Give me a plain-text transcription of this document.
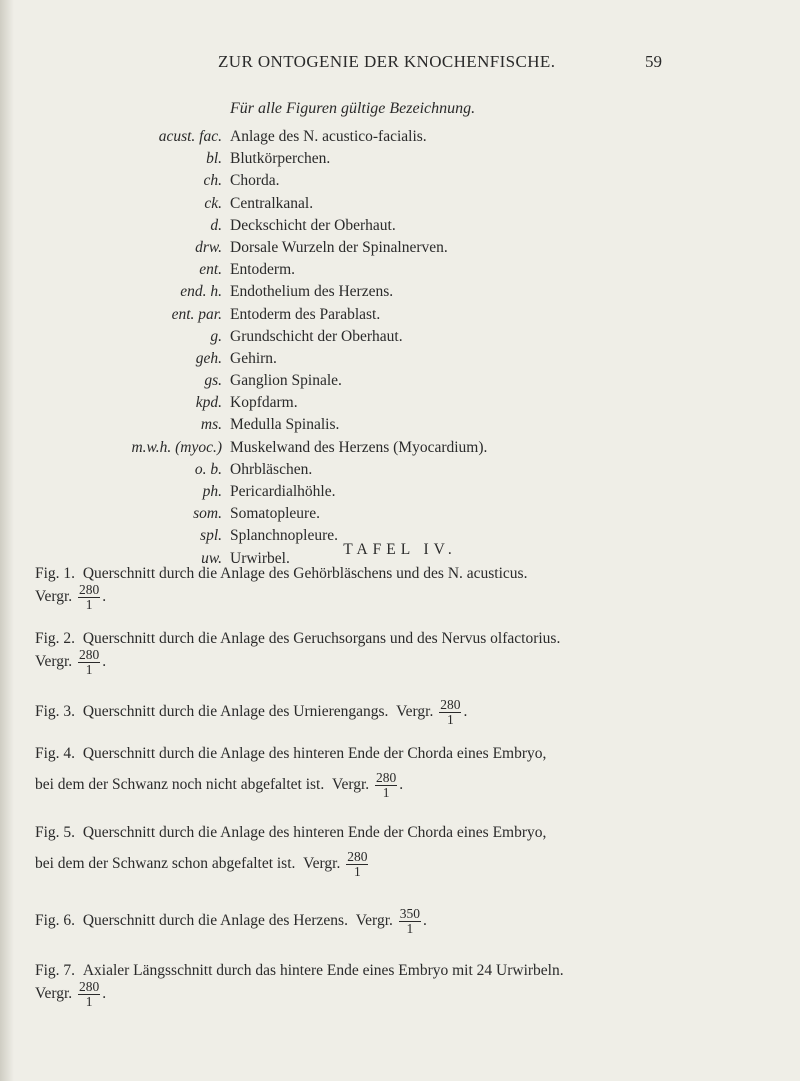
ZUR ONTOGENIE DER KNOCHENFISCHE.	59
Für alle Figuren gültige Bezeichnung.
acust. fac. Anlage des N. acustico-facialis.
bl. Blutkörperchen.
ch. Chorda.
ck. Centralkanal.
d. Deckschicht der Oberhaut.
drw. Dorsale Wurzeln der Spinalnerven.
ent. Entoderm.
end. h. Endothelium des Herzens.
ent. par. Entoderm des Parablast.
g. Grundschicht der Oberhaut.
geh. Gehirn.
gs. Ganglion Spinale.
kpd. Kopfdarm.
ms. Medulla Spinalis.
m.w.h. (myoc.) Muskelwand des Herzens (Myocardium).
o. b. Ohrbläschen.
ph. Pericardialhöhle.
som. Somatopleure.
spl. Splanchnopleure.
uw. Urwirbel.
TAFEL IV.
Fig. 1. Querschnitt durch die Anlage des Gehörbläschens und des N. acusticus.
Vergr. $\frac{280}{1}$ .
Fig. 2. Querschnitt durch die Anlage des Geruchsorgans und des Nervus olfactorius.
Vergr. $\frac{280}{1}$ .
Fig. 3. Querschnitt durch die Anlage des Urnierengangs. Vergr. $\frac{280}{1}$ .
Fig. 4. Querschnitt durch die Anlage des hinteren Ende der Chorda eines Embryo,
bei dem der Schwanz noch nicht abgefaltet ist. Vergr. $\frac{280}{1}$ .
Fig. 5. Querschnitt durch die Anlage des hinteren Ende der Chorda eines Embryo,
bei dem der Schwanz schon abgefaltet ist. Vergr. $\frac{280}{1}$
Fig. 6. Querschnitt durch die Anlage des Herzens. Vergr. $\frac{350}{1}$ .
Fig. 7. Axialer Längsschnitt durch das hintere Ende eines Embryo mit 24 Urwirbeln.
Vergr. $\frac{280}{1}$ .
